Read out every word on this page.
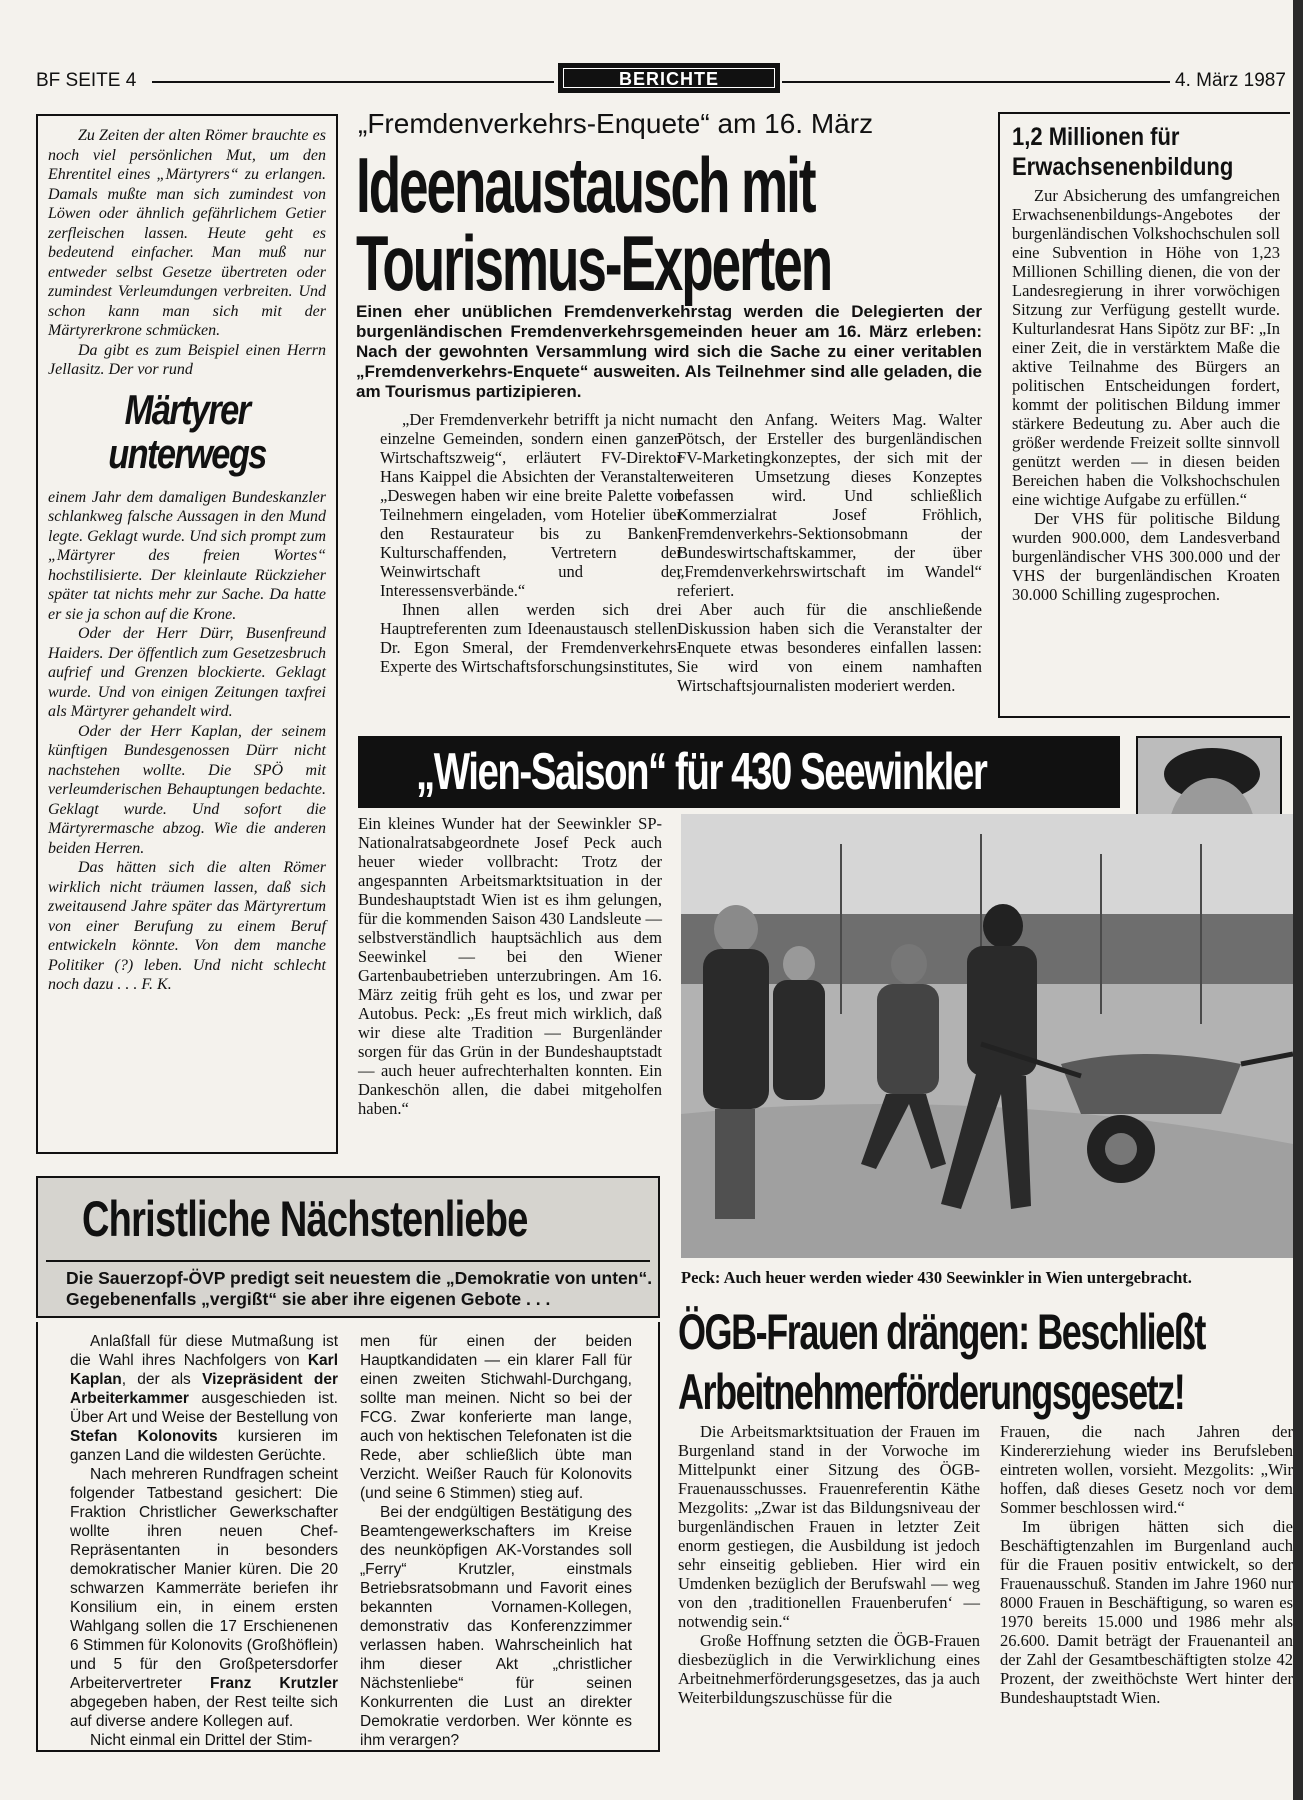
BF SEITE 4	BERICHTE	4. März 1987

Zu Zeiten der alten Römer brauchte es noch viel persönlichen Mut, um den Ehrentitel eines „Märtyrers“ zu erlangen. Damals mußte man sich zumindest von Löwen oder ähnlich gefährlichem Getier zerfleischen lassen. Heute geht es bedeutend einfacher. Man muß nur entweder selbst Gesetze übertreten oder zumindest Verleumdungen verbreiten. Und schon kann man sich mit der Märtyrerkrone schmücken.

Da gibt es zum Beispiel einen Herrn Jellasitz. Der vor rund

Märtyrer
unterwegs

einem Jahr dem damaligen Bundeskanzler schlankweg falsche Aussagen in den Mund legte. Geklagt wurde. Und sich prompt zum „Märtyrer des freien Wortes“ hochstilisierte. Der kleinlaute Rückzieher später tat nichts mehr zur Sache. Da hatte er sie ja schon auf die Krone.

Oder der Herr Dürr, Busenfreund Haiders. Der öffentlich zum Gesetzesbruch aufrief und Grenzen blockierte. Geklagt wurde. Und von einigen Zeitungen taxfrei als Märtyrer gehandelt wird.

Oder der Herr Kaplan, der seinem künftigen Bundesgenossen Dürr nicht nachstehen wollte. Die SPÖ mit verleumderischen Behauptungen bedachte. Geklagt wurde. Und sofort die Märtyrermasche abzog. Wie die anderen beiden Herren.

Das hätten sich die alten Römer wirklich nicht träumen lassen, daß sich zweitausend Jahre später das Märtyrertum von einer Berufung zu einem Beruf entwickeln könnte. Von dem manche Politiker (?) leben. Und nicht schlecht noch dazu . . . F. K.

„Fremdenverkehrs-Enquete“ am 16. März
Ideenaustausch mit
Tourismus-Experten
Einen eher unüblichen Fremdenverkehrstag werden die Delegierten der burgenländischen Fremdenverkehrsgemeinden heuer am 16. März erleben: Nach der gewohnten Versammlung wird sich die Sache zu einer veritablen „Fremdenverkehrs-Enquete“ ausweiten. Als Teilnehmer sind alle geladen, die am Tourismus partizipieren.

„Der Fremdenverkehr betrifft ja nicht nur einzelne Gemeinden, sondern einen ganzen Wirtschaftszweig“, erläutert FV-Direktor Hans Kaippel die Absichten der Veranstalter. „Deswegen haben wir eine breite Palette von Teilnehmern eingeladen, vom Hotelier über den Restaurateur bis zu Banken, Kulturschaffenden, Vertretern der Weinwirtschaft und der Interessensverbände.“

Ihnen allen werden sich drei Hauptreferenten zum Ideenaustausch stellen: Dr. Egon Smeral, der Fremdenverkehrs-Experte des Wirtschaftsforschungsinstitutes,

macht den Anfang. Weiters Mag. Walter Pötsch, der Ersteller des burgenländischen FV-Marketingkonzeptes, der sich mit der weiteren Umsetzung dieses Konzeptes befassen wird. Und schließlich Kommerzialrat Josef Fröhlich, Fremdenverkehrs-Sektionsobmann der Bundeswirtschaftskammer, der über „Fremdenverkehrswirtschaft im Wandel“ referiert.

Aber auch für die anschließende Diskussion haben sich die Veranstalter der Enquete etwas besonderes einfallen lassen: Sie wird von einem namhaften Wirtschaftsjournalisten moderiert werden.

1,2 Millionen für
Erwachsenenbildung

Zur Absicherung des umfangreichen Erwachsenenbildungs-Angebotes der burgenländischen Volkshochschulen soll eine Subvention in Höhe von 1,23 Millionen Schilling dienen, die von der Landesregierung in ihrer vorwöchigen Sitzung zur Verfügung gestellt wurde. Kulturlandesrat Hans Sipötz zur BF: „In einer Zeit, die in verstärktem Maße die aktive Teilnahme des Bürgers an politischen Entscheidungen fordert, kommt der politischen Bildung immer stärkere Bedeutung zu. Aber auch die größer werdende Freizeit sollte sinnvoll genützt werden — in diesen beiden Bereichen haben die Volkshochschulen eine wichtige Aufgabe zu erfüllen.“

Der VHS für politische Bildung wurden 900.000, dem Landesverband burgenländischer VHS 300.000 und der VHS der burgenländischen Kroaten 30.000 Schilling zugesprochen.

„Wien-Saison“ für 430 Seewinkler
Ein kleines Wunder hat der Seewinkler SP-Nationalratsabgeordnete Josef Peck auch heuer wieder vollbracht: Trotz der angespannten Arbeitsmarktsituation in der Bundeshauptstadt Wien ist es ihm gelungen, für die kommenden Saison 430 Landsleute — selbstverständlich hauptsächlich aus dem Seewinkel — bei den Wiener Gartenbaubetrieben unterzubringen. Am 16. März zeitig früh geht es los, und zwar per Autobus. Peck: „Es freut mich wirklich, daß wir diese alte Tradition — Burgenländer sorgen für das Grün in der Bundeshauptstadt — auch heuer aufrechterhalten konnten. Ein Dankeschön allen, die dabei mitgeholfen haben.“
Peck: Auch heuer werden wieder 430 Seewinkler in Wien untergebracht.
Christliche Nächstenliebe
Die Sauerzopf-ÖVP predigt seit neuestem die „Demokratie von unten“. Gegebenenfalls „vergißt“ sie aber ihre eigenen Gebote . . .

Anlaßfall für diese Mutmaßung ist die Wahl ihres Nachfolgers von Karl Kaplan, der als Vizepräsident der Arbeiterkammer ausgeschieden ist. Über Art und Weise der Bestellung von Stefan Kolonovits kursieren im ganzen Land die wildesten Gerüchte.

Nach mehreren Rundfragen scheint folgender Tatbestand gesichert: Die Fraktion Christlicher Gewerkschafter wollte ihren neuen Chef-Repräsentanten in besonders demokratischer Manier küren. Die 20 schwarzen Kammerräte beriefen ihr Konsilium ein, in einem ersten Wahlgang sollen die 17 Erschienenen 6 Stimmen für Kolonovits (Großhöflein) und 5 für den Großpetersdorfer Arbeitervertreter Franz Krutzler abgegeben haben, der Rest teilte sich auf diverse andere Kollegen auf.

Nicht einmal ein Drittel der Stim-

men für einen der beiden Hauptkandidaten — ein klarer Fall für einen zweiten Stichwahl-Durchgang, sollte man meinen. Nicht so bei der FCG. Zwar konferierte man lange, auch von hektischen Telefonaten ist die Rede, aber schließlich übte man Verzicht. Weißer Rauch für Kolonovits (und seine 6 Stimmen) stieg auf.

Bei der endgültigen Bestätigung des Beamtengewerkschafters im Kreise des neunköpfigen AK-Vorstandes soll „Ferry“ Krutzler, einstmals Betriebsratsobmann und Favorit eines bekannten Vornamen-Kollegen, demonstrativ das Konferenzzimmer verlassen haben. Wahrscheinlich hat ihm dieser Akt „christlicher Nächstenliebe“ für seinen Konkurrenten die Lust an direkter Demokratie verdorben. Wer könnte es ihm verargen?

ÖGB-Frauen drängen: Beschließt
Arbeitnehmerförderungsgesetz!

Die Arbeitsmarktsituation der Frauen im Burgenland stand in der Vorwoche im Mittelpunkt einer Sitzung des ÖGB-Frauenausschusses. Frauenreferentin Käthe Mezgolits: „Zwar ist das Bildungsniveau der burgenländischen Frauen in letzter Zeit enorm gestiegen, die Ausbildung ist jedoch sehr einseitig geblieben. Hier wird ein Umdenken bezüglich der Berufswahl — weg von den ‚traditionellen Frauenberufen‘ — notwendig sein.“

Große Hoffnung setzten die ÖGB-Frauen diesbezüglich in die Verwirklichung eines Arbeitnehmerförderungsgesetzes, das ja auch Weiterbildungszuschüsse für die

Frauen, die nach Jahren der Kindererziehung wieder ins Berufsleben eintreten wollen, vorsieht. Mezgolits: „Wir hoffen, daß dieses Gesetz noch vor dem Sommer beschlossen wird.“

Im übrigen hätten sich die Beschäftigtenzahlen im Burgenland auch für die Frauen positiv entwickelt, so der Frauenausschuß. Standen im Jahre 1960 nur 8000 Frauen in Beschäftigung, so waren es 1970 bereits 15.000 und 1986 mehr als 26.600. Damit beträgt der Frauenanteil an der Zahl der Gesamtbeschäftigten stolze 42 Prozent, der zweithöchste Wert hinter der Bundeshauptstadt Wien.
